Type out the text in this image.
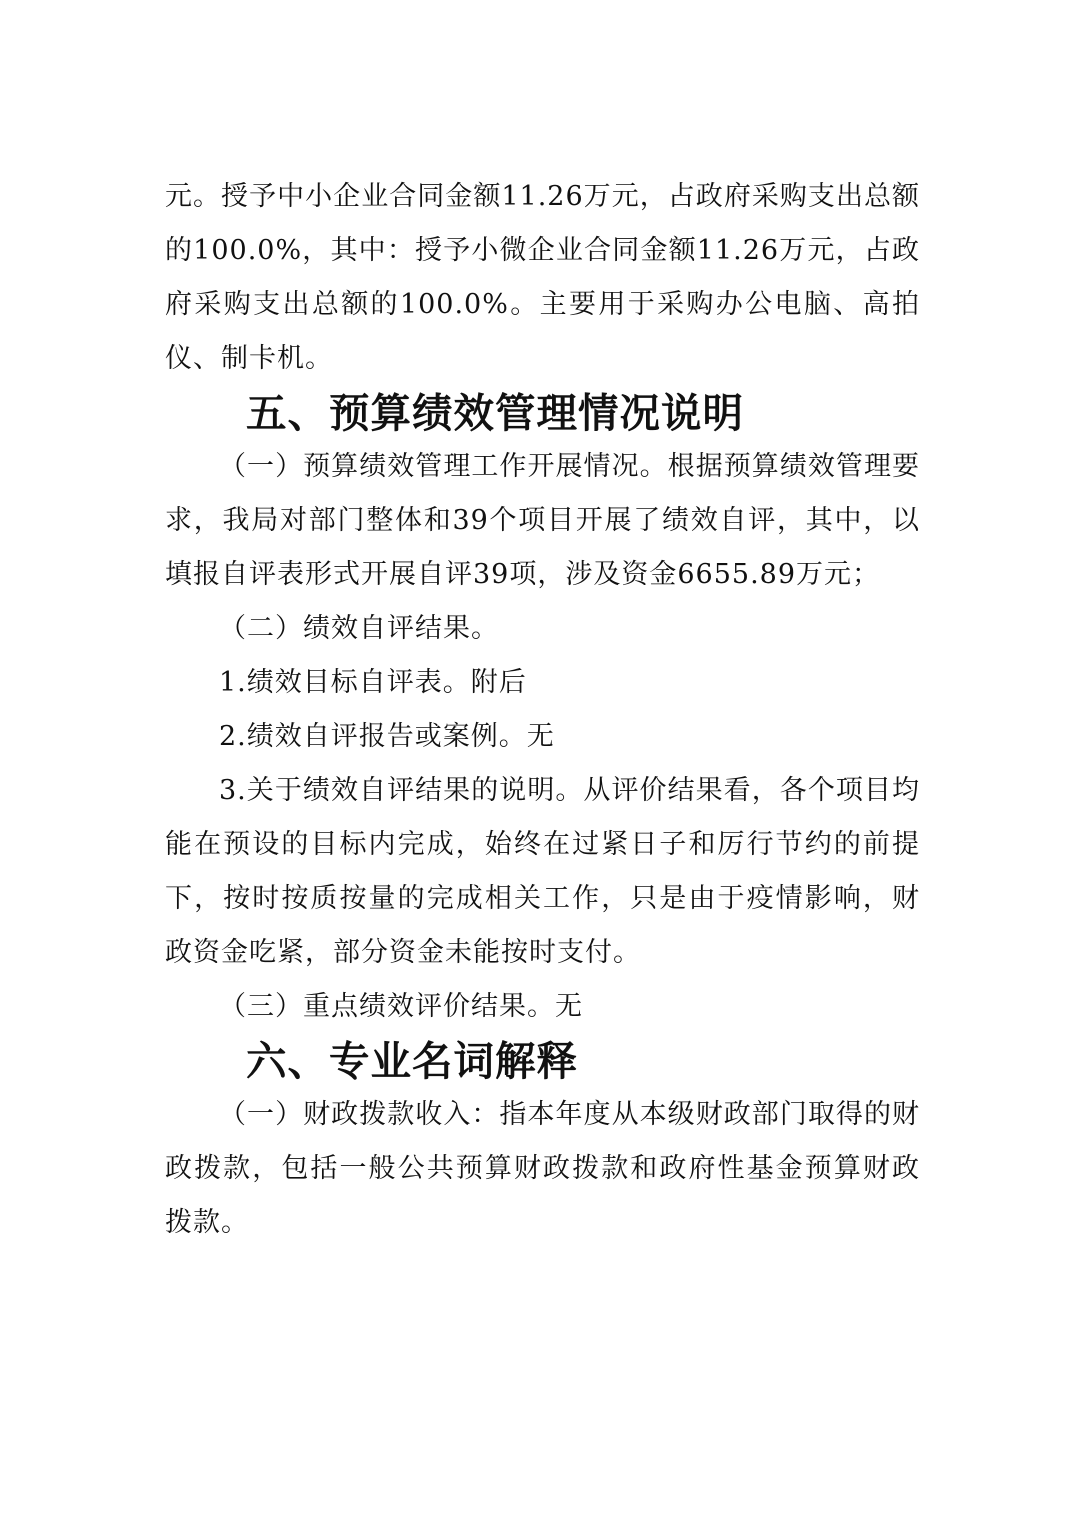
元。授予中小企业合同金额11.26万元，占政府采购支出总额的100.0%，其中：授予小微企业合同金额11.26万元，占政府采购支出总额的100.0%。主要用于采购办公电脑、高拍仪、制卡机。

五、预算绩效管理情况说明

（一）预算绩效管理工作开展情况。根据预算绩效管理要求，我局对部门整体和39个项目开展了绩效自评，其中，以填报自评表形式开展自评39项，涉及资金6655.89万元；

（二）绩效自评结果。

1.绩效目标自评表。附后

2.绩效自评报告或案例。无

3.关于绩效自评结果的说明。从评价结果看，各个项目均能在预设的目标内完成，始终在过紧日子和厉行节约的前提下，按时按质按量的完成相关工作，只是由于疫情影响，财政资金吃紧，部分资金未能按时支付。

（三）重点绩效评价结果。无

六、专业名词解释

（一）财政拨款收入：指本年度从本级财政部门取得的财政拨款，包括一般公共预算财政拨款和政府性基金预算财政拨款。
